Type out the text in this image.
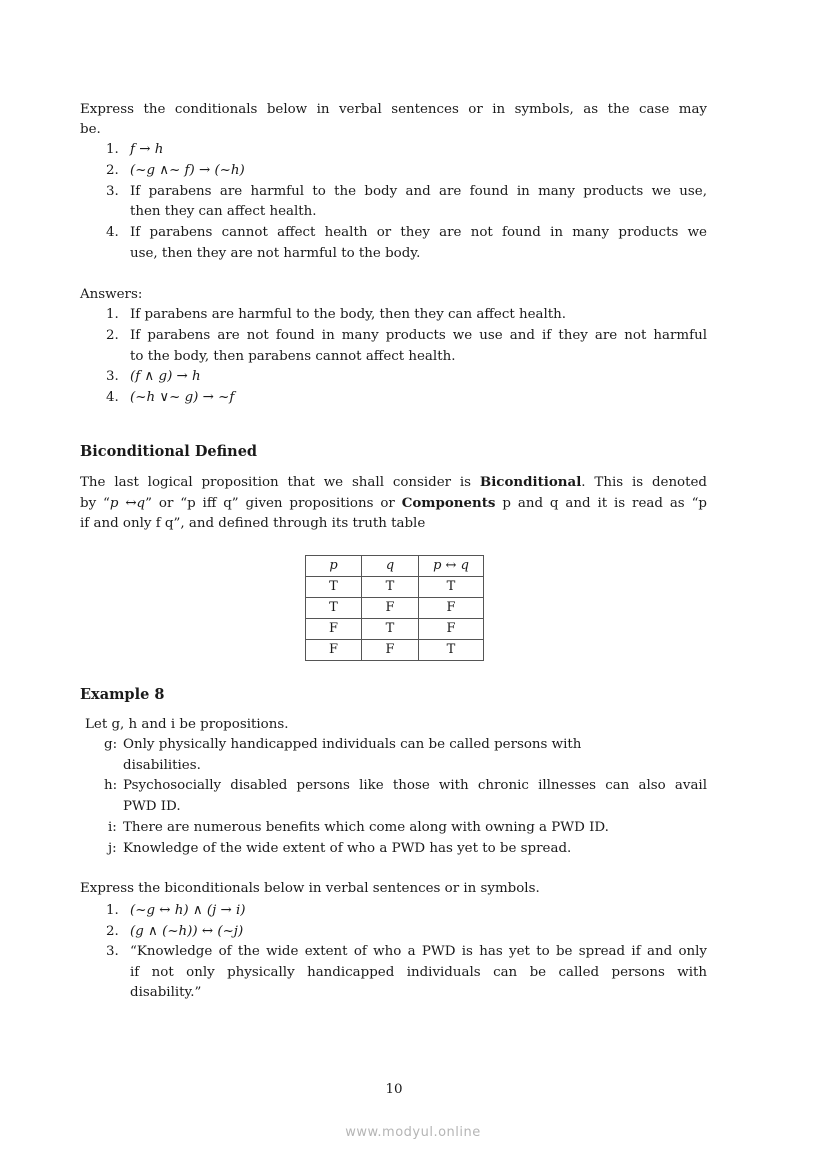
Express the conditionals below in verbal sentences or in symbols, as the case may
be.
1. f → h
2. (~g ∧~ f) → (~h)
3. If parabens are harmful to the body and are found in many products we use,
then they can affect health.
4. If parabens cannot affect health or they are not found in many products we
use, then they are not harmful to the body.
Answers:
1. If parabens are harmful to the body, then they can affect health.
2. If parabens are not found in many products we use and if they are not harmful
to the body, then parabens cannot affect health.
3. (f ∧ g) → h
4. (~h ∨~ g) → ~f
Biconditional Defined
The last logical proposition that we shall consider is Biconditional. This is denoted
by “p ↔q” or “p iff q” given propositions or Components p and q and it is read as “p
if and only f q”, and defined through its truth table
p	q	p ↔ q
T	T	T
T	F	F
F	T	F
F	F	T
Example 8
Let g, h and i be propositions.
g: Only physically handicapped individuals can be called persons with
disabilities.
h: Psychosocially disabled persons like those with chronic illnesses can also avail
PWD ID.
i: There are numerous benefits which come along with owning a PWD ID.
j: Knowledge of the wide extent of who a PWD has yet to be spread.
Express the biconditionals below in verbal sentences or in symbols.
1. (~g ↔ h) ∧ (j → i)
2. (g ∧ (~h)) ↔ (~j)
3. “Knowledge of the wide extent of who a PWD is has yet to be spread if and only
if not only physically handicapped individuals can be called persons with
disability.”
10
www.modyul.online
